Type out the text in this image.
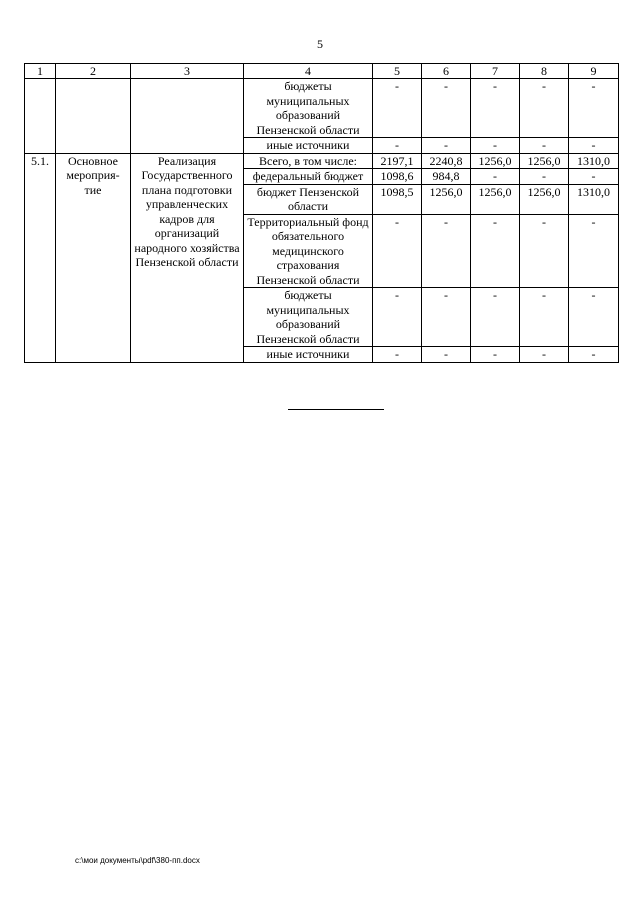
5
1	2	3	4	5	6	7	8	9
			бюджеты муниципальных образований Пензенской области	-	-	-	-	-
			иные источники	-	-	-	-	-
5.1.	Основное мероприя-тие	Реализация Государственного плана подготовки управленческих кадров для организаций народного хозяйства Пензенской области	Всего, в том числе:	2197,1	2240,8	1256,0	1256,0	1310,0
			федеральный бюджет	1098,6	984,8	-	-	-
			бюджет Пензенской области	1098,5	1256,0	1256,0	1256,0	1310,0
			Территориальный фонд обязательного медицинского страхования Пензенской области	-	-	-	-	-
			бюджеты муниципальных образований Пензенской области	-	-	-	-	-
			иные источники	-	-	-	-	-
c:\мои документы\pdf\380-пп.docx
